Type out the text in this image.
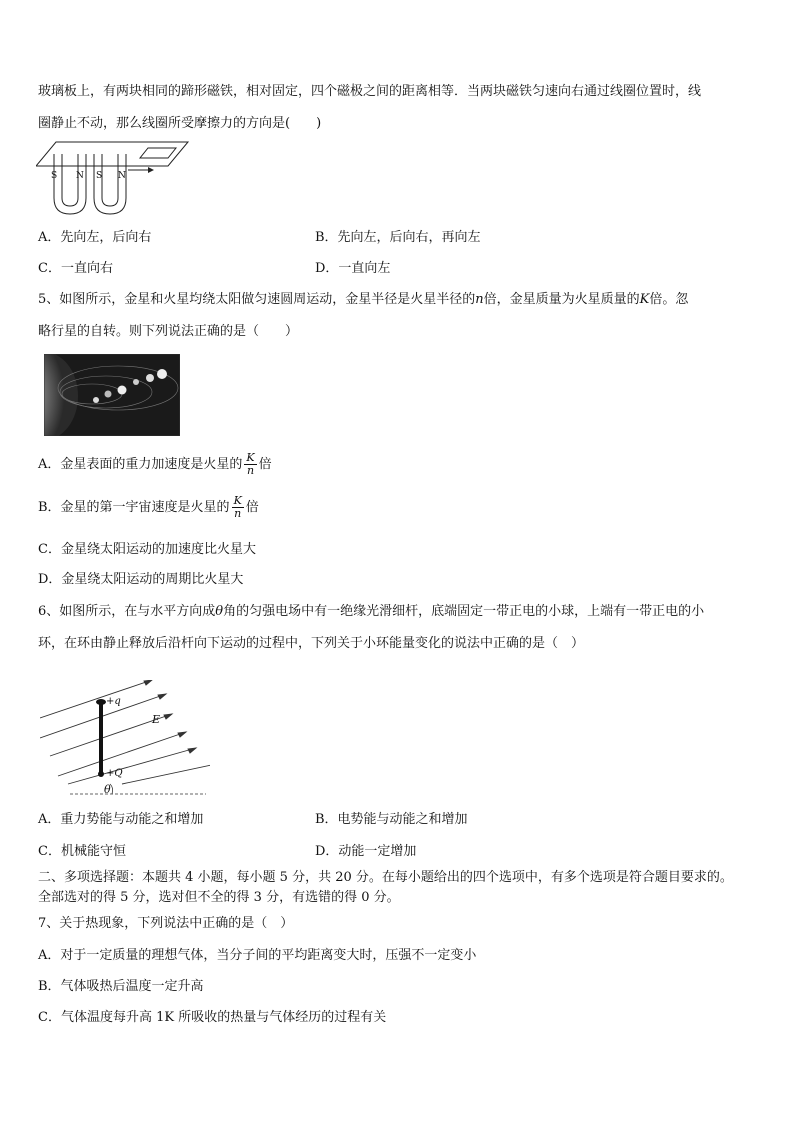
玻璃板上，有两块相同的蹄形磁铁，相对固定，四个磁极之间的距离相等．当两块磁铁匀速向右通过线圈位置时，线
圈静止不动，那么线圈所受摩擦力的方向是(　　)
S N S N
A．先向左，后向右	B．先向左，后向右，再向左
C．一直向右	D．一直向左
5、如图所示，金星和火星均绕太阳做匀速圆周运动，金星半径是火星半径的n倍，金星质量为火星质量的K倍。忽
略行星的自转。则下列说法正确的是（　　）
A．金星表面的重力加速度是火星的 $\frac{K}{n}$ 倍
B．金星的第一宇宙速度是火星的 $\frac{K}{n}$ 倍
C．金星绕太阳运动的加速度比火星大
D．金星绕太阳运动的周期比火星大
6、如图所示，在与水平方向成θ角的匀强电场中有一绝缘光滑细杆，底端固定一带正电的小球，上端有一带正电的小
环，在环由静止释放后沿杆向下运动的过程中，下列关于小环能量变化的说法中正确的是（　）
+q
E
+Q
θ
A．重力势能与动能之和增加	B．电势能与动能之和增加
C．机械能守恒	D．动能一定增加
二、多项选择题：本题共 4 小题，每小题 5 分，共 20 分。在每小题给出的四个选项中，有多个选项是符合题目要求的。
全部选对的得 5 分，选对但不全的得 3 分，有选错的得 0 分。
7、关于热现象，下列说法中正确的是（　）
A．对于一定质量的理想气体，当分子间的平均距离变大时，压强不一定变小
B．气体吸热后温度一定升高
C．气体温度每升高 1K 所吸收的热量与气体经历的过程有关
